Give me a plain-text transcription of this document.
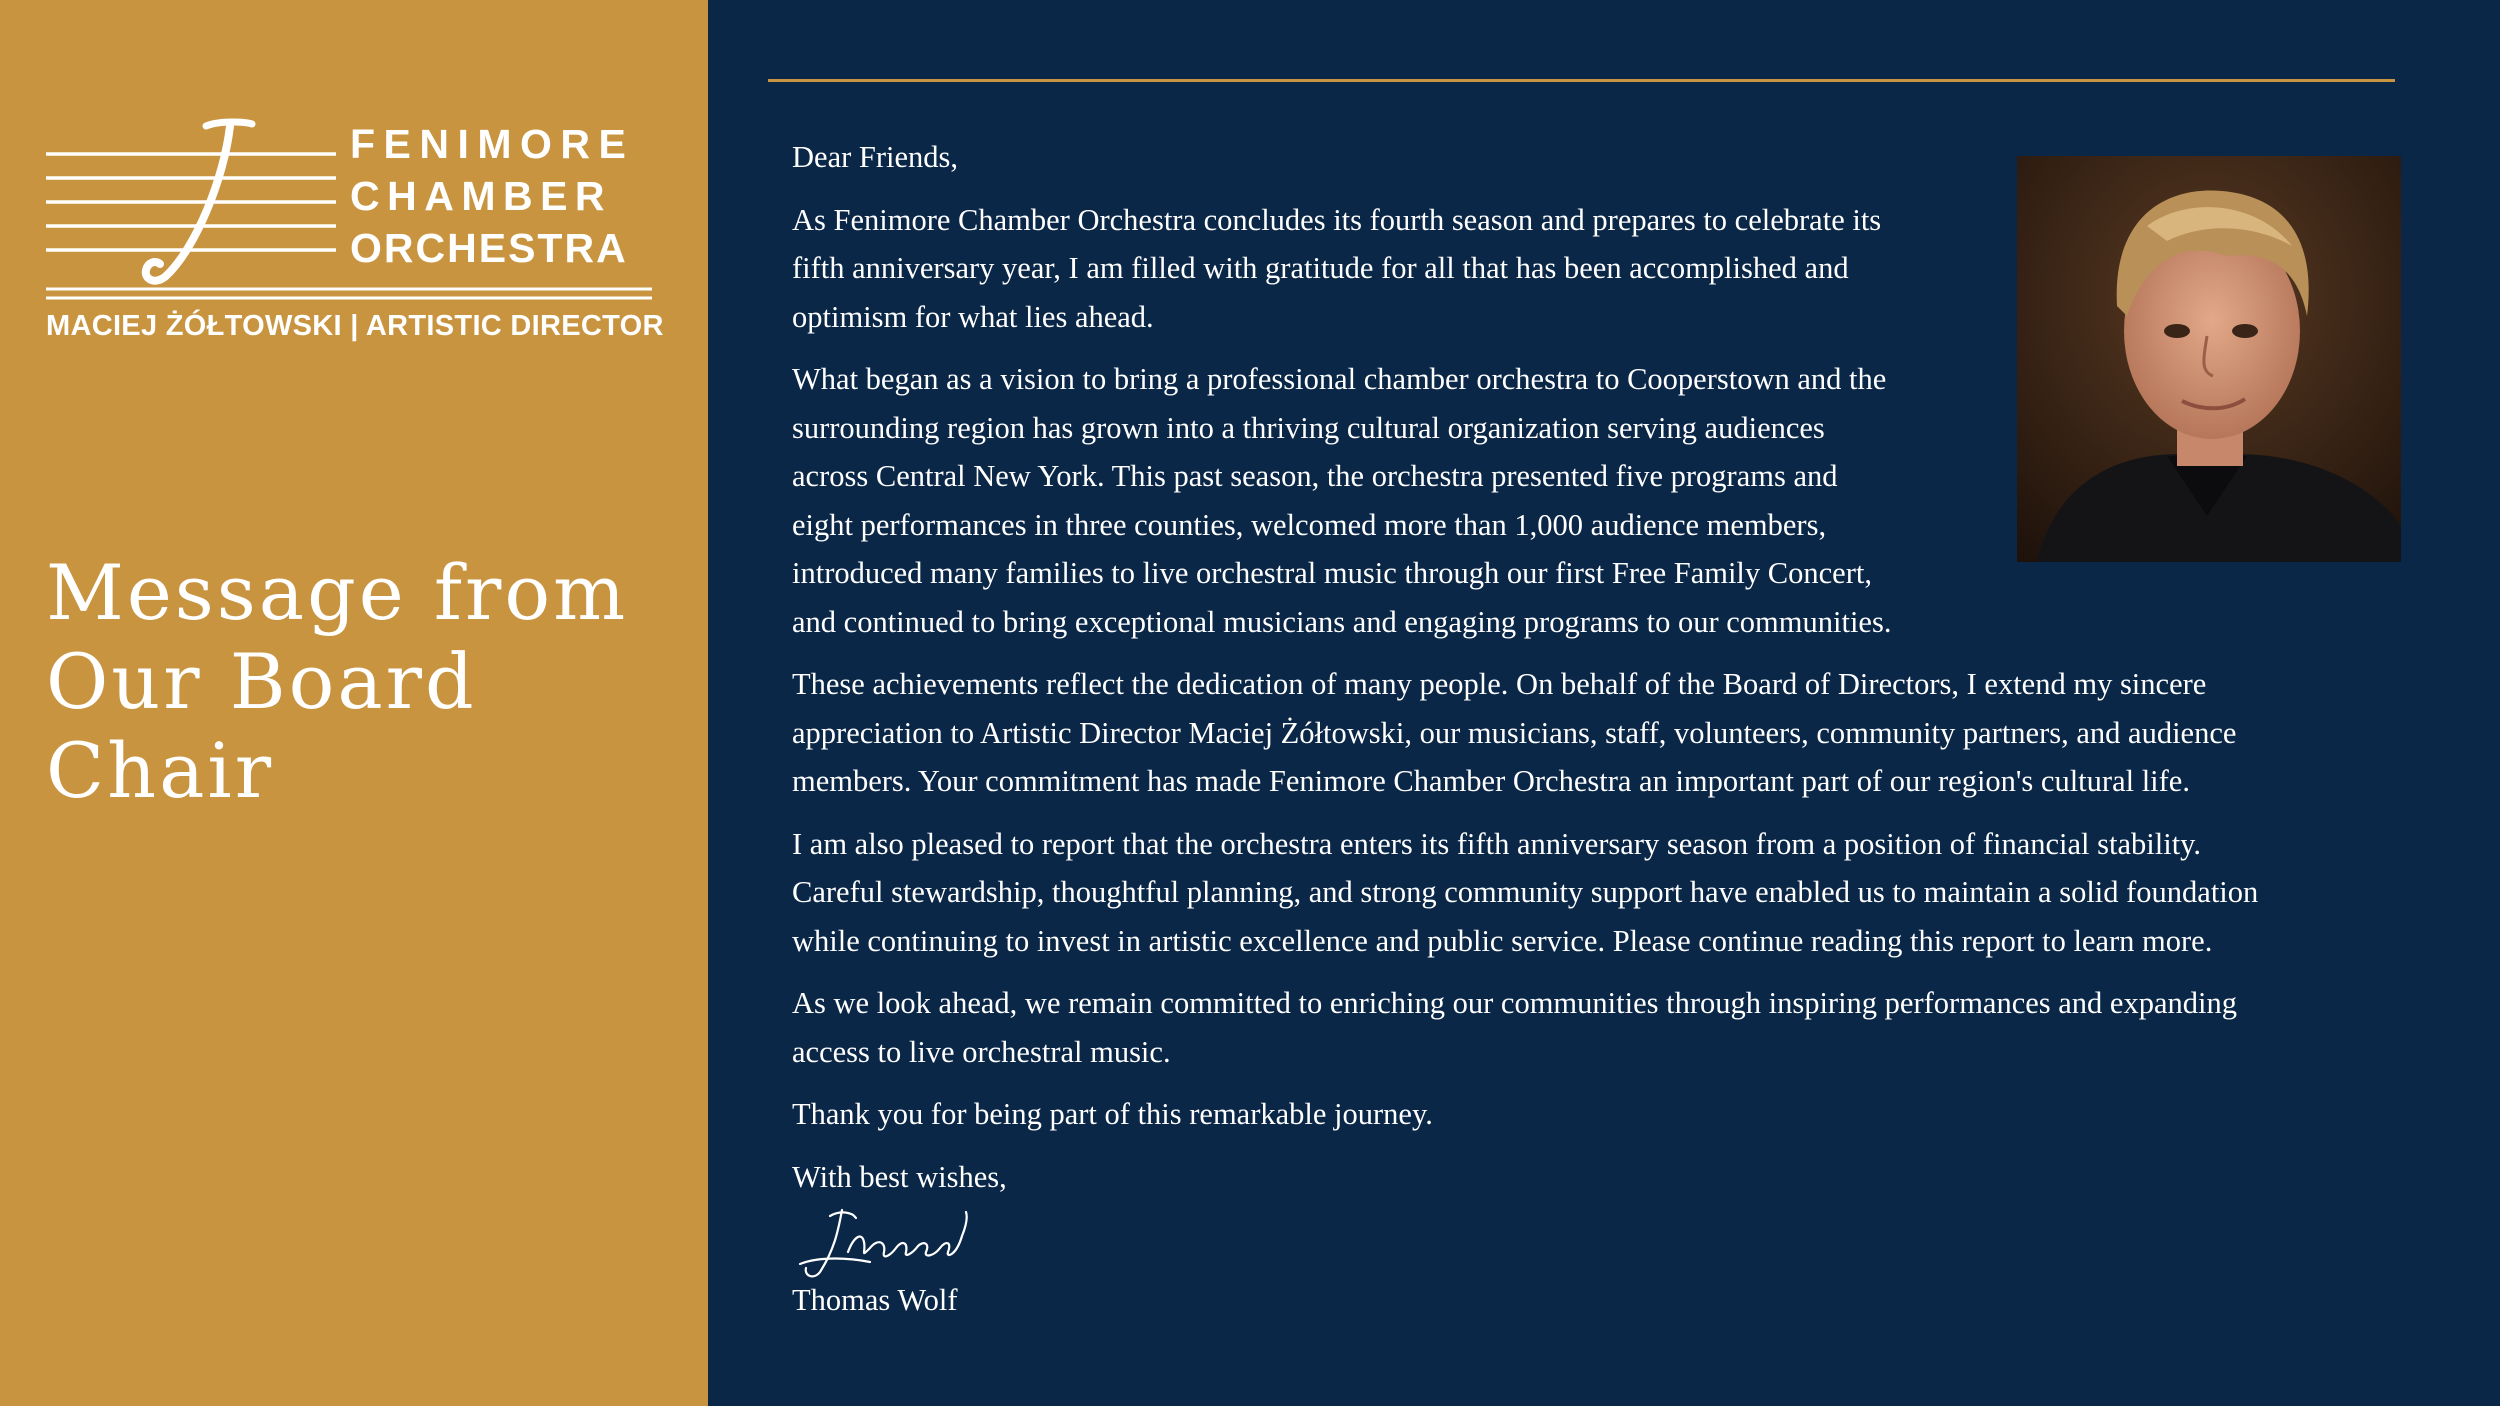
FENIMORE
CHAMBER
ORCHESTRA
MACIEJ ŻÓŁTOWSKI | ARTISTIC DIRECTOR
Message from
Our Board
Chair
Dear Friends,
As Fenimore Chamber Orchestra concludes its fourth season and prepares to celebrate its
fifth anniversary year, I am filled with gratitude for all that has been accomplished and
optimism for what lies ahead.
What began as a vision to bring a professional chamber orchestra to Cooperstown and the
surrounding region has grown into a thriving cultural organization serving audiences
across Central New York. This past season, the orchestra presented five programs and
eight performances in three counties, welcomed more than 1,000 audience members,
introduced many families to live orchestral music through our first Free Family Concert,
and continued to bring exceptional musicians and engaging programs to our communities.
These achievements reflect the dedication of many people. On behalf of the Board of Directors, I extend my sincere
appreciation to Artistic Director Maciej Żółtowski, our musicians, staff, volunteers, community partners, and audience
members. Your commitment has made Fenimore Chamber Orchestra an important part of our region's cultural life.
I am also pleased to report that the orchestra enters its fifth anniversary season from a position of financial stability.
Careful stewardship, thoughtful planning, and strong community support have enabled us to maintain a solid foundation
while continuing to invest in artistic excellence and public service. Please continue reading this report to learn more.
As we look ahead, we remain committed to enriching our communities through inspiring performances and expanding
access to live orchestral music.
Thank you for being part of this remarkable journey.
With best wishes,
Thomas Wolf
